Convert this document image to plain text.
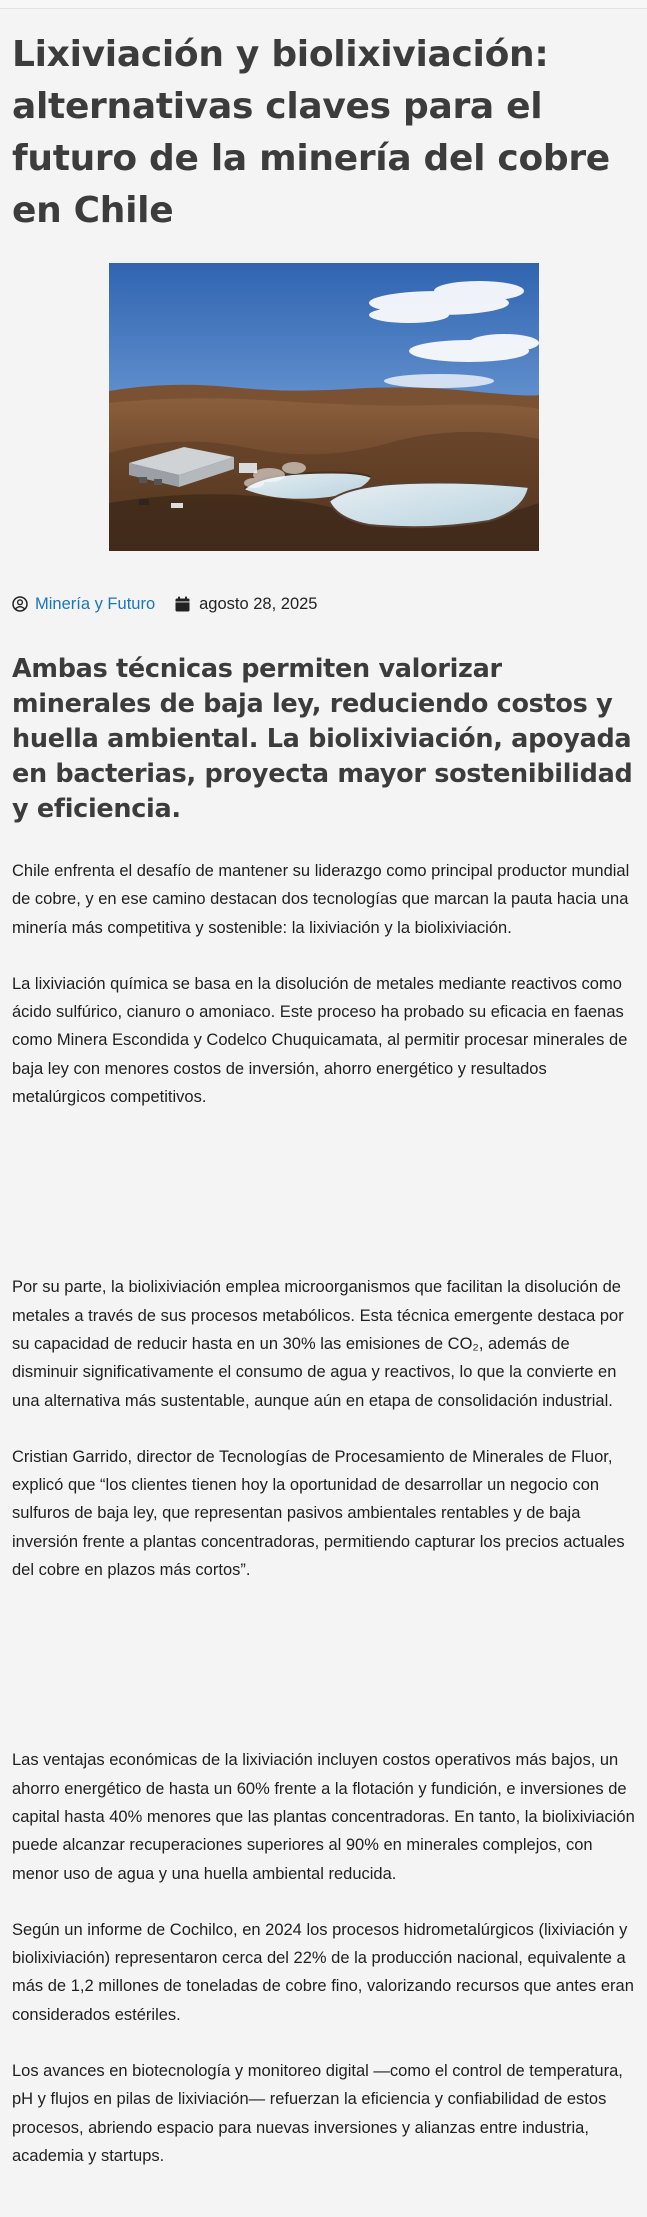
Lixiviación y biolixiviación: alternativas claves para el futuro de la minería del cobre en Chile
Minería y Futuro	agosto 28, 2025
Ambas técnicas permiten valorizar minerales de baja ley, reduciendo costos y huella ambiental. La biolixiviación, apoyada en bacterias, proyecta mayor sostenibilidad y eficiencia.

Chile enfrenta el desafío de mantener su liderazgo como principal productor mundial de cobre, y en ese camino destacan dos tecnologías que marcan la pauta hacia una minería más competitiva y sostenible: la lixiviación y la biolixiviación.

La lixiviación química se basa en la disolución de metales mediante reactivos como ácido sulfúrico, cianuro o amoniaco. Este proceso ha probado su eficacia en faenas como Minera Escondida y Codelco Chuquicamata, al permitir procesar minerales de baja ley con menores costos de inversión, ahorro energético y resultados metalúrgicos competitivos.

Por su parte, la biolixiviación emplea microorganismos que facilitan la disolución de metales a través de sus procesos metabólicos. Esta técnica emergente destaca por su capacidad de reducir hasta en un 30% las emisiones de CO₂, además de disminuir significativamente el consumo de agua y reactivos, lo que la convierte en una alternativa más sustentable, aunque aún en etapa de consolidación industrial.

Cristian Garrido, director de Tecnologías de Procesamiento de Minerales de Fluor, explicó que “los clientes tienen hoy la oportunidad de desarrollar un negocio con sulfuros de baja ley, que representan pasivos ambientales rentables y de baja inversión frente a plantas concentradoras, permitiendo capturar los precios actuales del cobre en plazos más cortos”.

Las ventajas económicas de la lixiviación incluyen costos operativos más bajos, un ahorro energético de hasta un 60% frente a la flotación y fundición, e inversiones de capital hasta 40% menores que las plantas concentradoras. En tanto, la biolixiviación puede alcanzar recuperaciones superiores al 90% en minerales complejos, con menor uso de agua y una huella ambiental reducida.

Según un informe de Cochilco, en 2024 los procesos hidrometalúrgicos (lixiviación y biolixiviación) representaron cerca del 22% de la producción nacional, equivalente a más de 1,2 millones de toneladas de cobre fino, valorizando recursos que antes eran considerados estériles.

Los avances en biotecnología y monitoreo digital —como el control de temperatura, pH y flujos en pilas de lixiviación— refuerzan la eficiencia y confiabilidad de estos procesos, abriendo espacio para nuevas inversiones y alianzas entre industria, academia y startups.
